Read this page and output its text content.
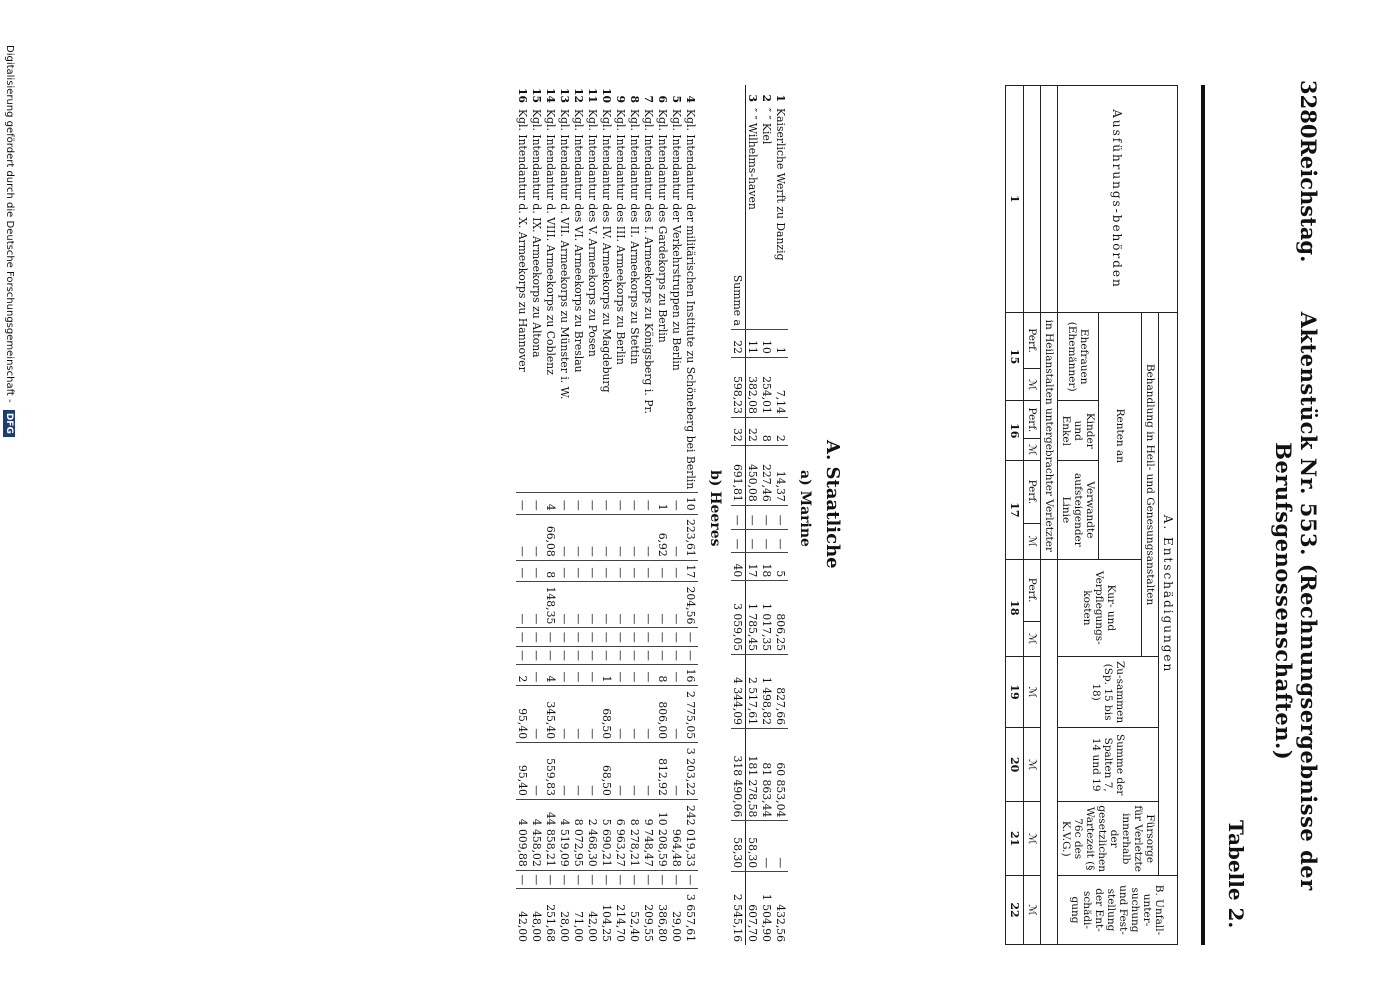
3280
Reichstag.
Aktenstück Nr. 553. (Rechnungsergebnisse der Berufsgenossenschaften.)
Tabelle 2.
Ausführungs-behörden	A. Entschädigungen											B. Unfall-unter-suchung und Fest-stellung der Ent-schädi-gung
	Behandlung in Heil- und Genesungsanstalten								Zu-sammen (Sp. 15 bis 18)	Summe der Spalten 7, 14 und 19	Fürsorge für Verletzte innerhalb der gesetzlichen Wartezeit (§ 76c des K.V.G.)	
	Renten an						Kur- und Verpflegungs-kosten					
	Ehefrauen (Ehemänner)		Kinder und Enkel		Verwandte aufsteigender Linie							
	in Heilanstalten untergebrachter Verletzter											
	Perf.	ℳ	Perf.	ℳ	Perf.	ℳ	Perf.	ℳ	ℳ	ℳ	ℳ	ℳ
1	15		16		17		18		19	20	21	22
A. Staatliche
a) Marine
1	Kaiserliche Werft zu Danzig	1	7,14	2	14,37	—	—	5	806,25	827,66	60 853,04	—	432,56
2	″ ″ Kiel	10	254,01	8	227,46	—	—	18	1 017,35	1 498,82	81 863,44	—	1 504,90
3	″ ″ Wilhelms-haven	11	382,08	22	450,08	—	—	17	1 785,45	2 517,61	181 278,58	58,30	607,70
	Summe a	22	598,23	32	691,81	—	—	40	3 059,05	4 344,09	318 490,06	58,30	2 545,16
b) Heeres
4	Kgl. Intendantur der militärischen Institute zu Schöneberg bei Berlin	10	223,61	17	204,56	—	—	16	2 775,05	3 203,22	242 019,33	—	3 657,61
5	Kgl. Intendantur der Verkehrstruppen zu Berlin	—	—	—	—	—	—	—	—	—	964,48	—	29,00
6	Kgl. Intendantur des Gardekorps zu Berlin	1	6,92	—	—	—	—	8	806,00	812,92	10 208,59	—	386,80
7	Kgl. Intendantur des I. Armeekorps zu Königsberg i. Pr.	—	—	—	—	—	—	—	—	—	9 748,47	—	209,55
8	Kgl. Intendantur des II. Armeekorps zu Stettin	—	—	—	—	—	—	—	—	—	8 278,21	—	52,40
9	Kgl. Intendantur des III. Armeekorps zu Berlin	—	—	—	—	—	—	—	—	—	6 963,27	—	214,70
10	Kgl. Intendantur des IV. Armeekorps zu Magdeburg	—	—	—	—	—	—	1	68,50	68,50	5 690,21	—	104,25
11	Kgl. Intendantur des V. Armeekorps zu Posen	—	—	—	—	—	—	—	—	—	2 468,30	—	42,00
12	Kgl. Intendantur des VI. Armeekorps zu Breslau	—	—	—	—	—	—	—	—	—	8 072,95	—	71,00
13	Kgl. Intendantur d. VII. Armeekorps zu Münster i. W.	—	—	—	—	—	—	—	—	—	4 519,09	—	28,00
14	Kgl. Intendantur d. VIII. Armeekorps zu Coblenz	4	66,08	8	148,35	—	—	4	345,40	559,83	44 858,21	—	251,68
15	Kgl. Intendantur d. IX. Armeekorps zu Altona	—	—	—	—	—	—	—	—	—	4 458,02	—	48,00
16	Kgl. Intendantur d. X. Armeekorps zu Hannover	—	—	—	—	—	—	2	95,40	95,40	4 009,88	—	42,00
Digitalisierung gefördert durch die Deutsche Forschungsgemeinschaft - DFG
